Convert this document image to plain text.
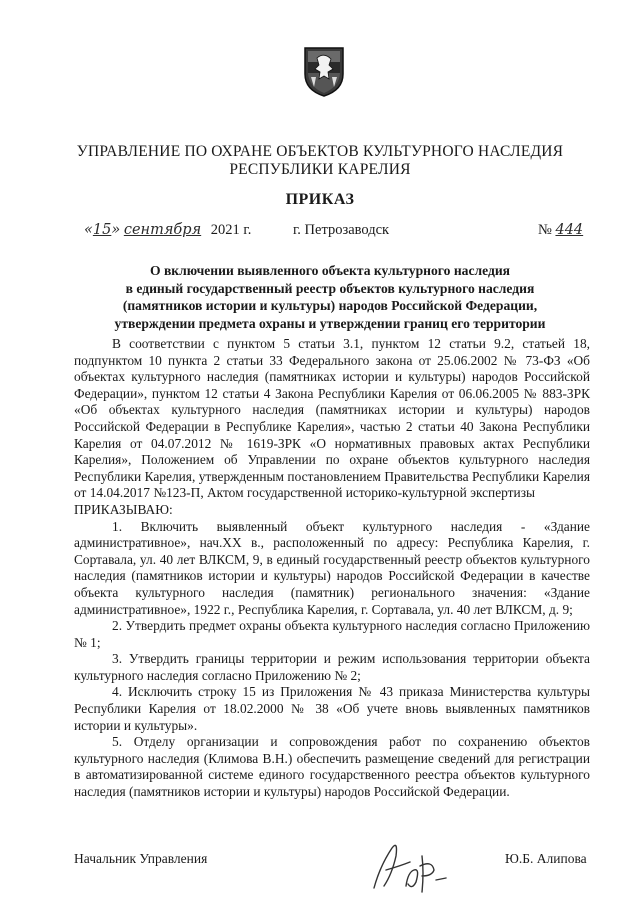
УПРАВЛЕНИЕ ПО ОХРАНЕ ОБЪЕКТОВ КУЛЬТУРНОГО НАСЛЕДИЯ
РЕСПУБЛИКИ КАРЕЛИЯ
ПРИКАЗ
«15» сентября 2021 г.	г. Петрозаводск	№ 444
О включении выявленного объекта культурного наследия
в единый государственный реестр объектов культурного наследия
(памятников истории и культуры) народов Российской Федерации,
утверждении предмета охраны и утверждении границ его территории

В соответствии с пунктом 5 статьи 3.1, пунктом 12 статьи 9.2, статьей 18, подпунктом 10 пункта 2 статьи 33 Федерального закона от 25.06.2002 № 73-ФЗ «Об объектах культурного наследия (памятниках истории и культуры) народов Российской Федерации», пунктом 12 статьи 4 Закона Республики Карелия от 06.06.2005 № 883-ЗРК «Об объектах культурного наследия (памятниках истории и культуры) народов Российской Федерации в Республике Карелия», частью 2 статьи 40 Закона Республики Карелия от 04.07.2012 № 1619-ЗРК «О нормативных правовых актах Республики Карелия», Положением об Управлении по охране объектов культурного наследия Республики Карелия, утвержденным постановлением Правительства Республики Карелия от 14.04.2017 №123-П, Актом государственной историко-культурной экспертизы

ПРИКАЗЫВАЮ:

1. Включить выявленный объект культурного наследия - «Здание административное», нач.XX в., расположенный по адресу: Республика Карелия, г. Сортавала, ул. 40 лет ВЛКСМ, 9, в единый государственный реестр объектов культурного наследия (памятников истории и культуры) народов Российской Федерации в качестве объекта культурного наследия (памятник) регионального значения: «Здание административное», 1922 г., Республика Карелия, г. Сортавала, ул. 40 лет ВЛКСМ, д. 9;

2. Утвердить предмет охраны объекта культурного наследия согласно Приложению № 1;

3. Утвердить границы территории и режим использования территории объекта культурного наследия согласно Приложению № 2;

4. Исключить строку 15 из Приложения № 43 приказа Министерства культуры Республики Карелия от 18.02.2000 № 38 «Об учете вновь выявленных памятников истории и культуры».

5. Отделу организации и сопровождения работ по сохранению объектов культурного наследия (Климова В.Н.) обеспечить размещение сведений для регистрации в автоматизированной системе единого государственного реестра объектов культурного наследия (памятников истории и культуры) народов Российской Федерации.

Начальник Управления	Ю.Б. Алипова
